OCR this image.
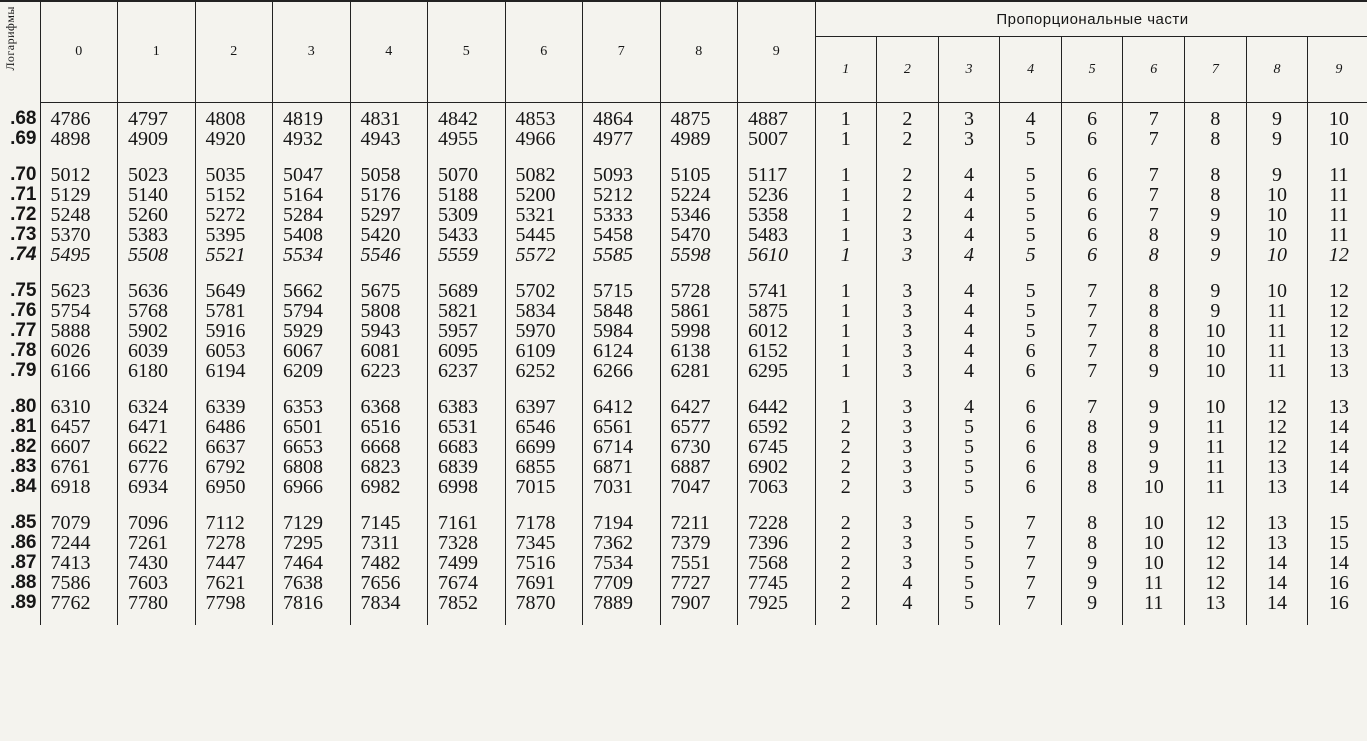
Логарифмы	0	1	2	3	4	5	6	7	8	9	Пропорциональные части								
											1	2	3	4	5	6	7	8	9
.68	4786	4797	4808	4819	4831	4842	4853	4864	4875	4887	1	2	3	4	6	7	8	9	10
.69	4898	4909	4920	4932	4943	4955	4966	4977	4989	5007	1	2	3	5	6	7	8	9	10

.70	5012	5023	5035	5047	5058	5070	5082	5093	5105	5117	1	2	4	5	6	7	8	9	11
.71	5129	5140	5152	5164	5176	5188	5200	5212	5224	5236	1	2	4	5	6	7	8	10	11
.72	5248	5260	5272	5284	5297	5309	5321	5333	5346	5358	1	2	4	5	6	7	9	10	11
.73	5370	5383	5395	5408	5420	5433	5445	5458	5470	5483	1	3	4	5	6	8	9	10	11
.74	5495	5508	5521	5534	5546	5559	5572	5585	5598	5610	1	3	4	5	6	8	9	10	12

.75	5623	5636	5649	5662	5675	5689	5702	5715	5728	5741	1	3	4	5	7	8	9	10	12
.76	5754	5768	5781	5794	5808	5821	5834	5848	5861	5875	1	3	4	5	7	8	9	11	12
.77	5888	5902	5916	5929	5943	5957	5970	5984	5998	6012	1	3	4	5	7	8	10	11	12
.78	6026	6039	6053	6067	6081	6095	6109	6124	6138	6152	1	3	4	6	7	8	10	11	13
.79	6166	6180	6194	6209	6223	6237	6252	6266	6281	6295	1	3	4	6	7	9	10	11	13

.80	6310	6324	6339	6353	6368	6383	6397	6412	6427	6442	1	3	4	6	7	9	10	12	13
.81	6457	6471	6486	6501	6516	6531	6546	6561	6577	6592	2	3	5	6	8	9	11	12	14
.82	6607	6622	6637	6653	6668	6683	6699	6714	6730	6745	2	3	5	6	8	9	11	12	14
.83	6761	6776	6792	6808	6823	6839	6855	6871	6887	6902	2	3	5	6	8	9	11	13	14
.84	6918	6934	6950	6966	6982	6998	7015	7031	7047	7063	2	3	5	6	8	10	11	13	14

.85	7079	7096	7112	7129	7145	7161	7178	7194	7211	7228	2	3	5	7	8	10	12	13	15
.86	7244	7261	7278	7295	7311	7328	7345	7362	7379	7396	2	3	5	7	8	10	12	13	15
.87	7413	7430	7447	7464	7482	7499	7516	7534	7551	7568	2	3	5	7	9	10	12	14	14
.88	7586	7603	7621	7638	7656	7674	7691	7709	7727	7745	2	4	5	7	9	11	12	14	16
.89	7762	7780	7798	7816	7834	7852	7870	7889	7907	7925	2	4	5	7	9	11	13	14	16
